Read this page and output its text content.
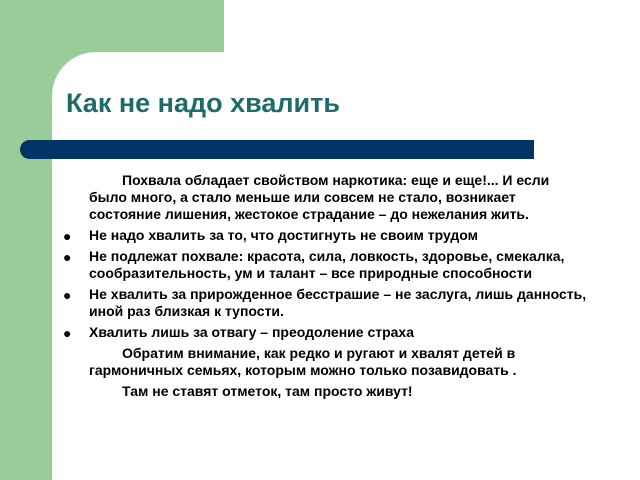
Как не надо хвалить

Похвала обладает свойством наркотика: еще и еще!... И если было много, а стало меньше или совсем не стало, возникает состояние лишения, жестокое страдание – до нежелания жить.

● Не надо хвалить за то, что достигнуть не своим трудом
● Не подлежат похвале: красота, сила, ловкость, здоровье, смекалка, сообразительность, ум и талант – все природные способности
● Не хвалить за прирожденное бесстрашие – не заслуга, лишь данность, иной раз близкая к тупости.
● Хвалить лишь за отвагу – преодоление страха

Обратим внимание, как редко и ругают и хвалят детей в гармоничных семьях, которым можно только позавидовать .

Там не ставят отметок, там просто живут!
